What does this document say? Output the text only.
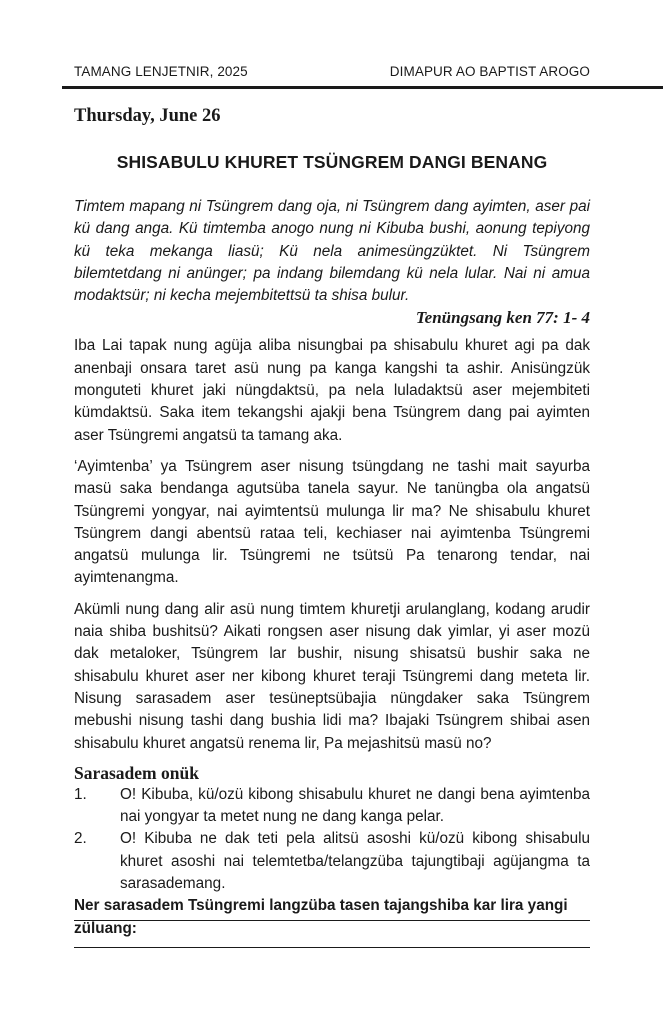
TAMANG LENJETNIR, 2025	DIMAPUR AO BAPTIST AROGO
Thursday, June 26
SHISABULU KHURET TSÜNGREM DANGI BENANG

Timtem mapang ni Tsüngrem dang oja, ni Tsüngrem dang ayimten, aser pai kü dang anga. Kü timtemba anogo nung ni Kibuba bushi, aonung tepiyong kü teka mekanga liasü; Kü nela animesüngzüktet. Ni Tsüngrem bilemtetdang ni anünger; pa indang bilemdang kü nela lular. Nai ni amua modaktsür; ni kecha mejembitettsü ta shisa bulur.

Tenüngsang ken 77: 1- 4

Iba Lai tapak nung agüja aliba nisungbai pa shisabulu khuret agi pa dak anenbaji onsara taret asü nung pa kanga kangshi ta ashir. Anisüngzük monguteti khuret jaki nüngdaktsü, pa nela luladaktsü aser mejembiteti kümdaktsü. Saka item tekangshi ajakji bena Tsüngrem dang pai ayimten aser Tsüngremi angatsü ta tamang aka.

‘Ayimtenba’ ya Tsüngrem aser nisung tsüngdang ne tashi mait sayurba masü saka bendanga agutsüba tanela sayur. Ne tanüngba ola angatsü Tsüngremi yongyar, nai ayimtentsü mulunga lir ma? Ne shisabulu khuret Tsüngrem dangi abentsü rataa teli, kechiaser nai ayimtenba Tsüngremi angatsü mulunga lir. Tsüngremi ne tsütsü Pa tenarong tendar, nai ayimtenangma.

Akümli nung dang alir asü nung timtem khuretji arulanglang, kodang arudir naia shiba bushitsü? Aikati rongsen aser nisung dak yimlar, yi aser mozü dak metaloker, Tsüngrem lar bushir, nisung shisatsü bushir saka ne shisabulu khuret aser ner kibong khuret teraji Tsüngremi dang meteta lir. Nisung sarasadem aser tesüneptsübajia nüngdaker saka Tsüngrem mebushi nisung tashi dang bushia lidi ma? Ibajaki Tsüngrem shibai asen shisabulu khuret angatsü renema lir, Pa mejashitsü masü no?

Sarasadem onük
1.	O! Kibuba, kü/ozü kibong shisabulu khuret ne dangi bena ayimtenba nai yongyar ta metet nung ne dang kanga pelar.
2.	O! Kibuba ne dak teti pela alitsü asoshi kü/ozü kibong shisabulu khuret asoshi nai telemtetba/telangzüba tajungtibaji agüjangma ta sarasademang.

Ner sarasadem Tsüngremi langzüba tasen tajangshiba kar lira yangi züluang:
